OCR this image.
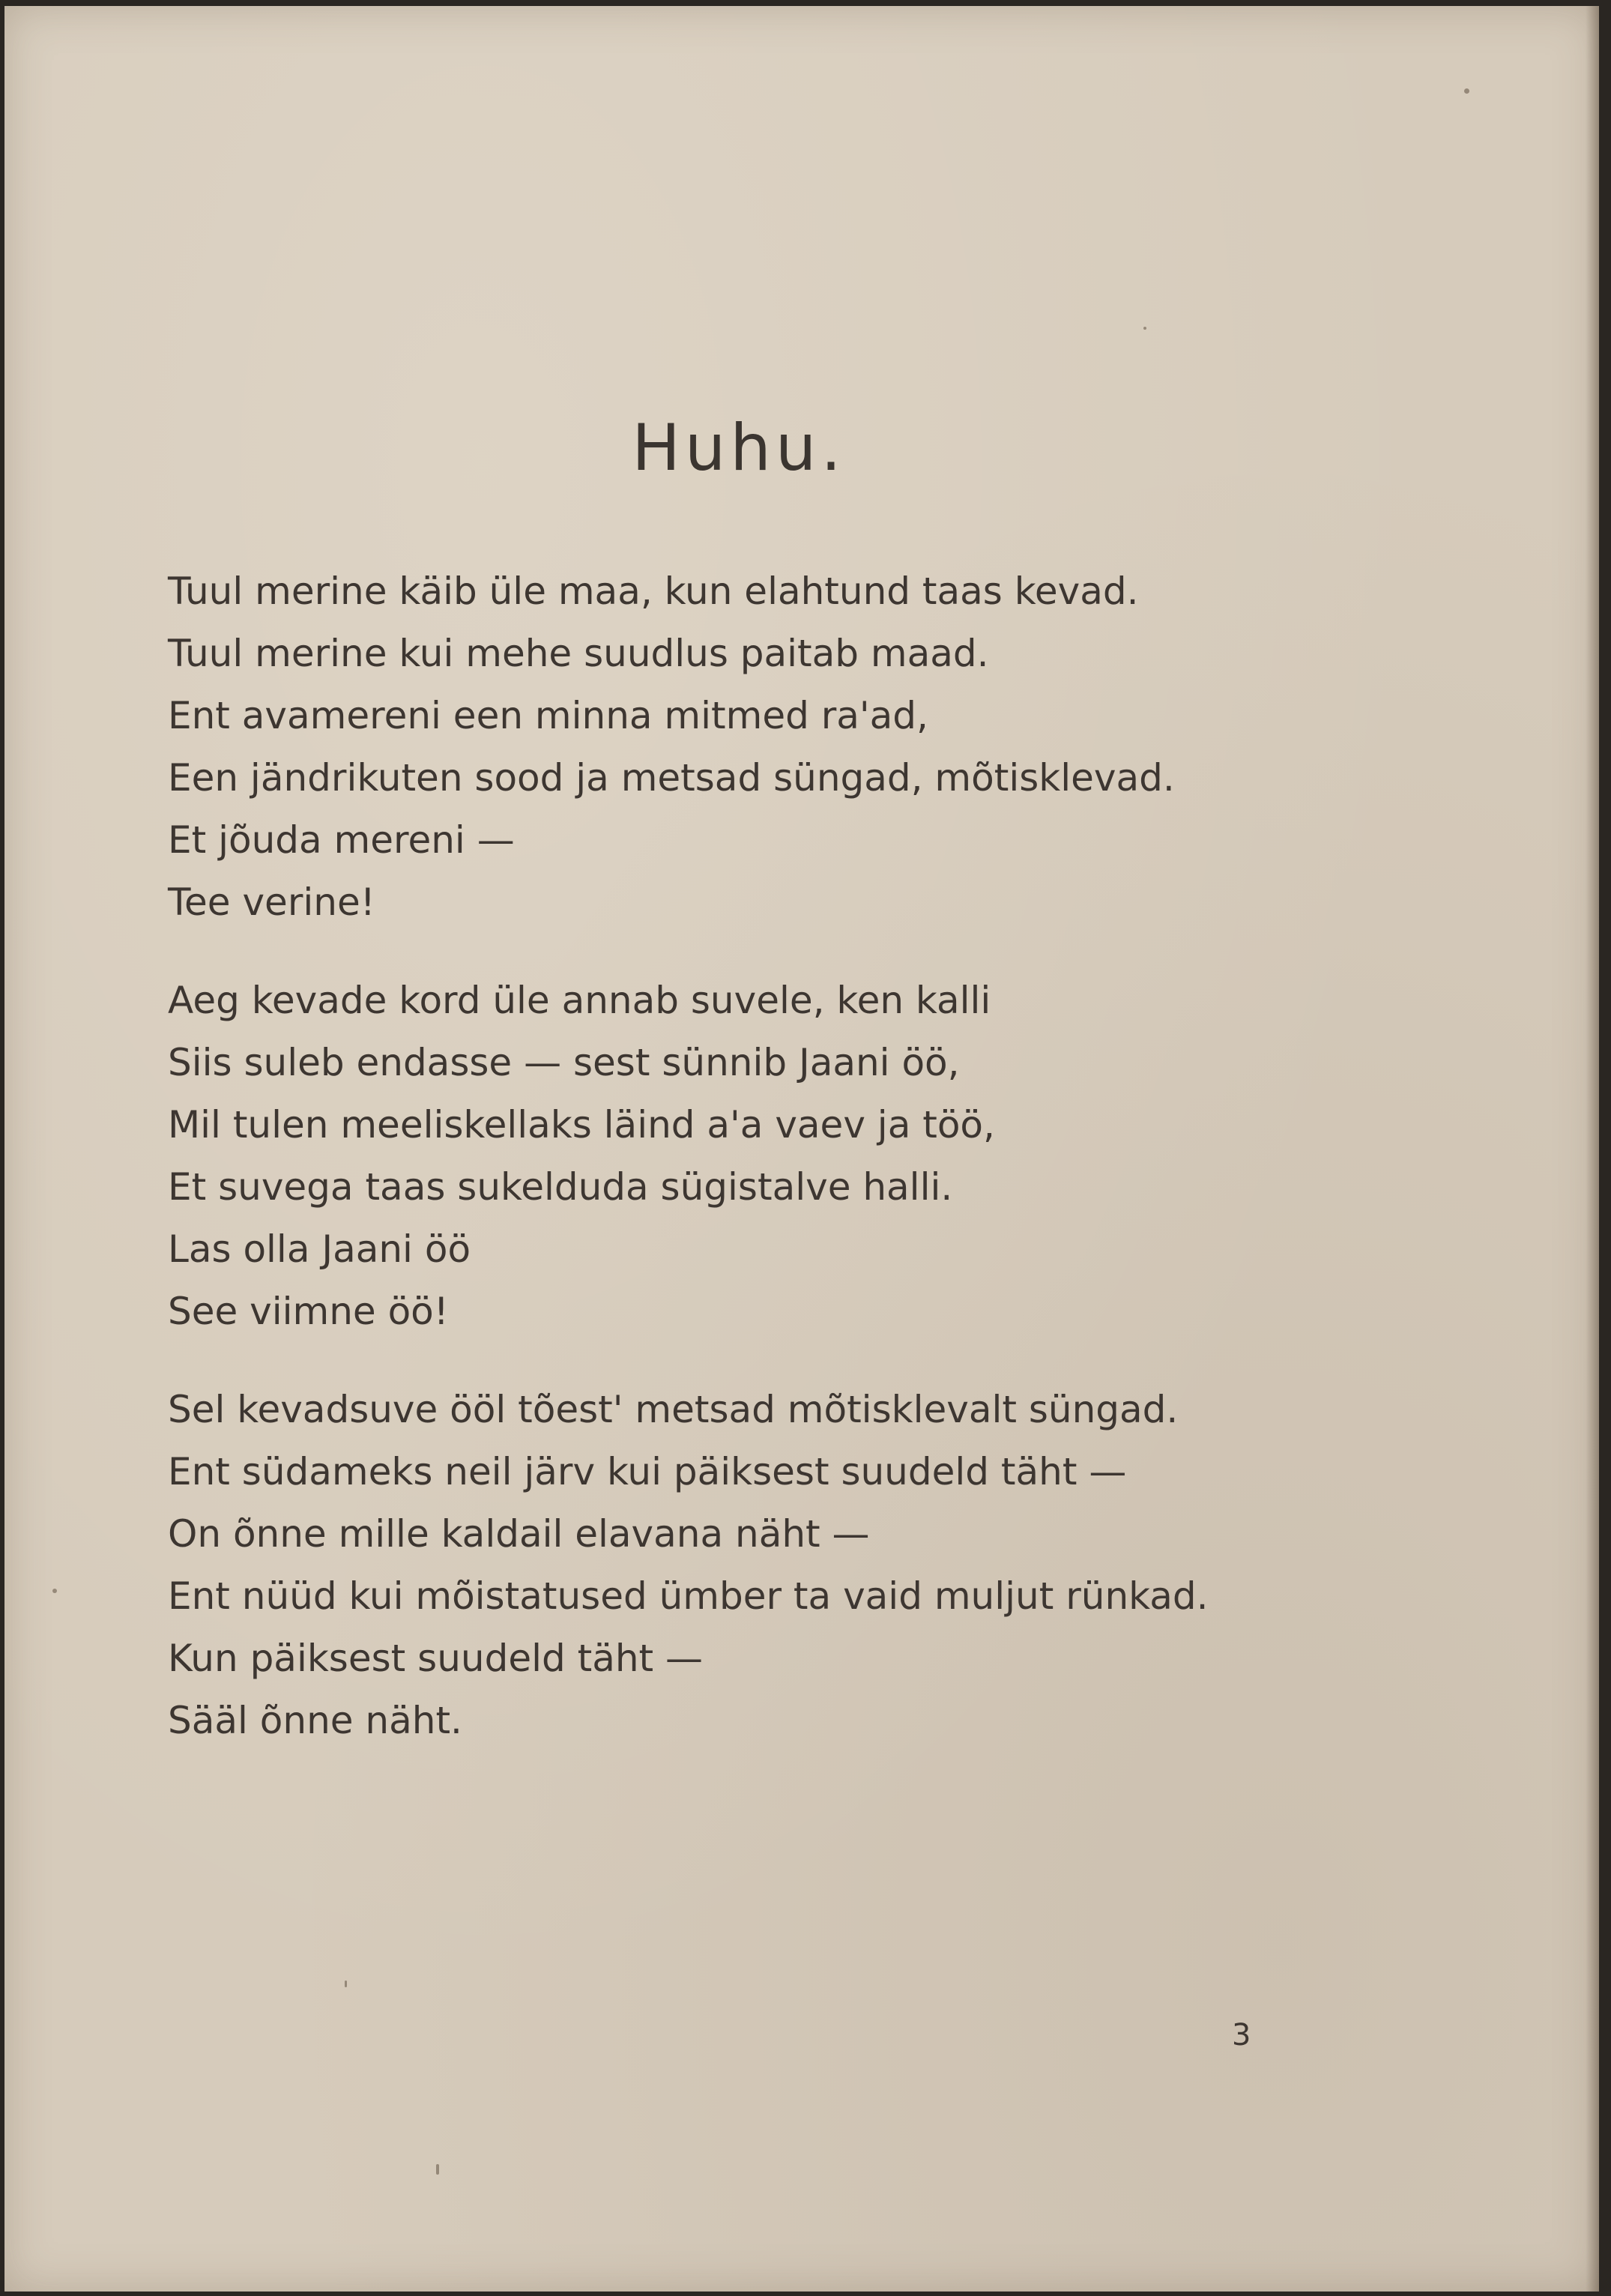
Huhu.
Tuul merine käib üle maa, kun elahtund taas kevad.
Tuul merine kui mehe suudlus paitab maad.
Ent avamereni een minna mitmed ra'ad,
Een jändrikuten sood ja metsad süngad, mõtisklevad.
Et jõuda mereni —
Tee verine!
Aeg kevade kord üle annab suvele, ken kalli
Siis suleb endasse — sest sünnib Jaani öö,
Mil tulen meeliskellaks läind a'a vaev ja töö,
Et suvega taas sukelduda sügistalve halli.
Las olla Jaani öö
See viimne öö!
Sel kevadsuve ööl tõest' metsad mõtisklevalt süngad.
Ent südameks neil järv kui päiksest suudeld täht —
On õnne mille kaldail elavana näht —
Ent nüüd kui mõistatused ümber ta vaid muljut rünkad.
Kun päiksest suudeld täht —
Sääl õnne näht.
3
